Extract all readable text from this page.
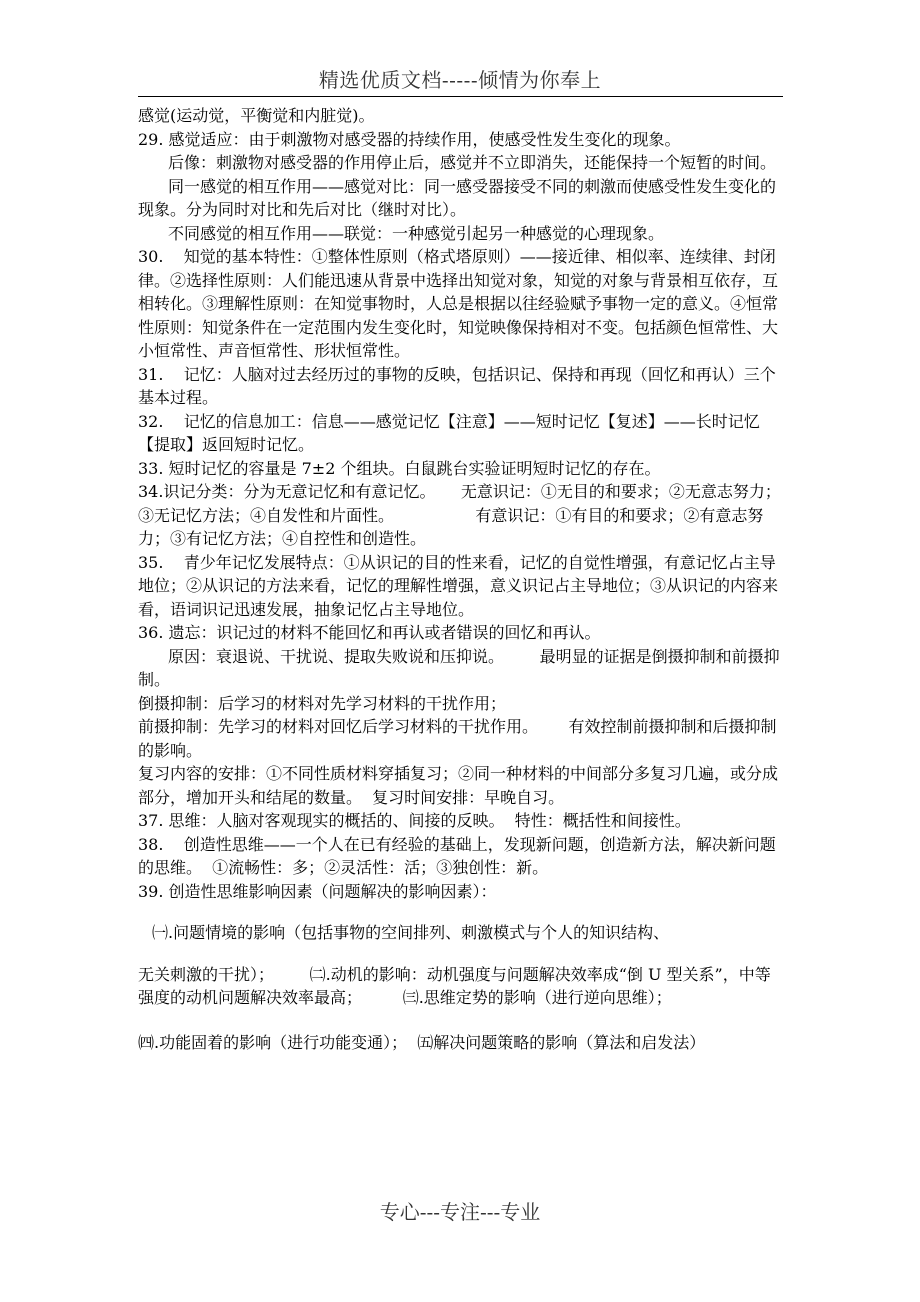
精选优质文档-----倾情为你奉上

感觉(运动觉，平衡觉和内脏觉)。

29. 感觉适应：由于刺激物对感受器的持续作用，使感受性发生变化的现象。

后像：刺激物对感受器的作用停止后，感觉并不立即消失，还能保持一个短暂的时间。

同一感觉的相互作用——感觉对比：同一感受器接受不同的刺激而使感受性发生变化的现象。分为同时对比和先后对比（继时对比）。

不同感觉的相互作用——联觉：一种感觉引起另一种感觉的心理现象。

30.    知觉的基本特性：①整体性原则（格式塔原则）——接近律、相似率、连续律、封闭律。②选择性原则：人们能迅速从背景中选择出知觉对象，知觉的对象与背景相互依存，互相转化。③理解性原则：在知觉事物时，人总是根据以往经验赋予事物一定的意义。④恒常性原则：知觉条件在一定范围内发生变化时，知觉映像保持相对不变。包括颜色恒常性、大小恒常性、声音恒常性、形状恒常性。

31.    记忆：人脑对过去经历过的事物的反映，包括识记、保持和再现（回忆和再认）三个基本过程。

32.    记忆的信息加工：信息——感觉记忆【注意】——短时记忆【复述】——长时记忆【提取】返回短时记忆。

33. 短时记忆的容量是 7±2 个组块。白鼠跳台实验证明短时记忆的存在。

34.识记分类：分为无意记忆和有意记忆。     无意识记：①无目的和要求；②无意志努力；③无记忆方法；④自发性和片面性。                有意识记：①有目的和要求；②有意志努力；③有记忆方法；④自控性和创造性。

35.    青少年记忆发展特点：①从识记的目的性来看，记忆的自觉性增强，有意记忆占主导地位；②从识记的方法来看，记忆的理解性增强，意义识记占主导地位；③从识记的内容来看，语词识记迅速发展，抽象记忆占主导地位。

36. 遗忘：识记过的材料不能回忆和再认或者错误的回忆和再认。

原因：衰退说、干扰说、提取失败说和压抑说。       最明显的证据是倒摄抑制和前摄抑制。

倒摄抑制：后学习的材料对先学习材料的干扰作用；

前摄抑制：先学习的材料对回忆后学习材料的干扰作用。      有效控制前摄抑制和后摄抑制的影响。

复习内容的安排：①不同性质材料穿插复习；②同一种材料的中间部分多复习几遍，或分成部分，增加开头和结尾的数量。  复习时间安排：早晚自习。

37. 思维：人脑对客观现实的概括的、间接的反映。  特性：概括性和间接性。

38.    创造性思维——一个人在已有经验的基础上，发现新问题，创造新方法，解决新问题的思维。  ①流畅性：多；②灵活性：活；③独创性：新。

39. 创造性思维影响因素（问题解决的影响因素）：

㈠.问题情境的影响（包括事物的空间排列、刺激模式与个人的知识结构、

无关刺激的干扰）；       ㈡.动机的影响：动机强度与问题解决效率成“倒 U 型关系”，中等强度的动机问题解决效率最高；        ㈢.思维定势的影响（进行逆向思维）；

㈣.功能固着的影响（进行功能变通）；  ㈤解决问题策略的影响（算法和启发法）

专心---专注---专业
